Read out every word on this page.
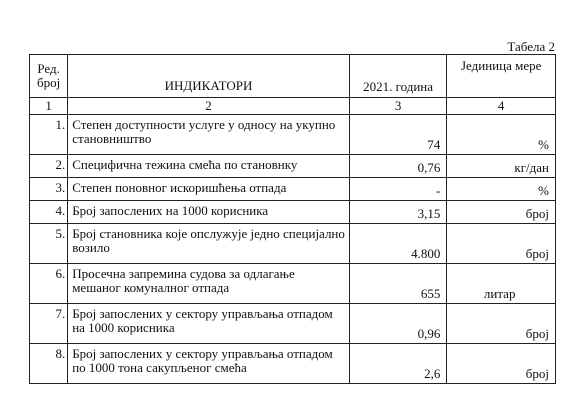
Табела 2
Ред. број	ИНДИКАТОРИ	2021. година	Јединица мере
1	2	3	4
1.	Степен доступности услуге у односу на укупно становништво	74	%
2.	Специфична тежина смећа по становнку	0,76	кг/дан
3.	Степен поновног искоришћења отпада	-	%
4.	Број запослених на 1000 корисника	3,15	број
5.	Број становника које опслужује једно специјално возило	4.800	број
6.	Просечна запремина судова за одлагање мешаног комуналног отпада	655	литар
7.	Број запослених у сектору управљања отпадом на 1000 корисника	0,96	број
8.	Број запослених у сектору управљања отпадом по 1000 тона сакупљеног смећа	2,6	број
